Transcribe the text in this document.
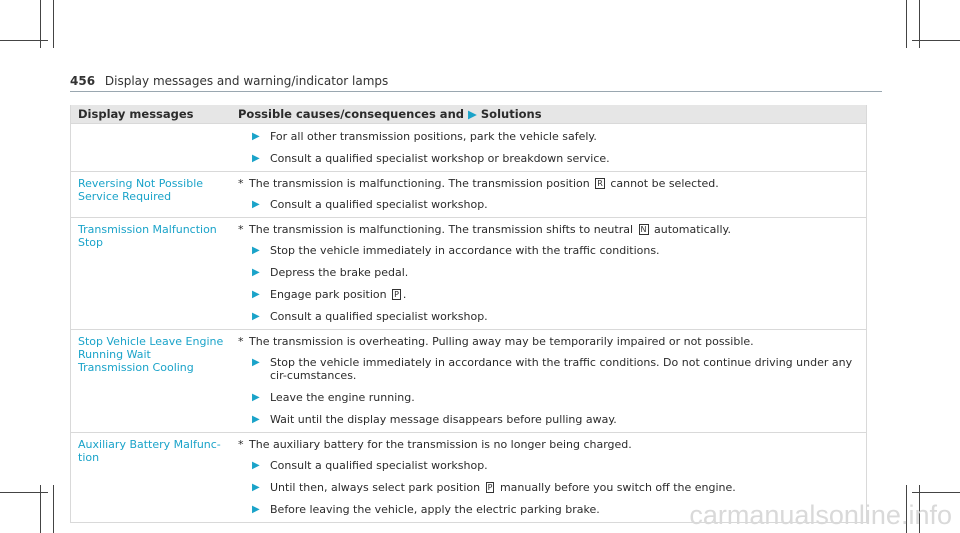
456 Display messages and warning/indicator lamps
Display messages	Possible causes/consequences and ▶ Solutions
▶ For all other transmission positions, park the vehicle safely.
▶ Consult a qualified specialist workshop or breakdown service.
Reversing Not Possible Service Required
* The transmission is malfunctioning. The transmission position R cannot be selected.
▶ Consult a qualified specialist workshop.
Transmission Malfunction Stop
* The transmission is malfunctioning. The transmission shifts to neutral N automatically.
▶ Stop the vehicle immediately in accordance with the traffic conditions.
▶ Depress the brake pedal.
▶ Engage park position P .
▶ Consult a qualified specialist workshop.
Stop Vehicle Leave Engine Running Wait Transmission Cooling
* The transmission is overheating. Pulling away may be temporarily impaired or not possible.
▶ Stop the vehicle immediately in accordance with the traffic conditions. Do not continue driving under any cir-cumstances.
▶ Leave the engine running.
▶ Wait until the display message disappears before pulling away.
Auxiliary Battery Malfunc-tion
* The auxiliary battery for the transmission is no longer being charged.
▶ Consult a qualified specialist workshop.
▶ Until then, always select park position P manually before you switch off the engine.
▶ Before leaving the vehicle, apply the electric parking brake.	carmanualsonline.info
